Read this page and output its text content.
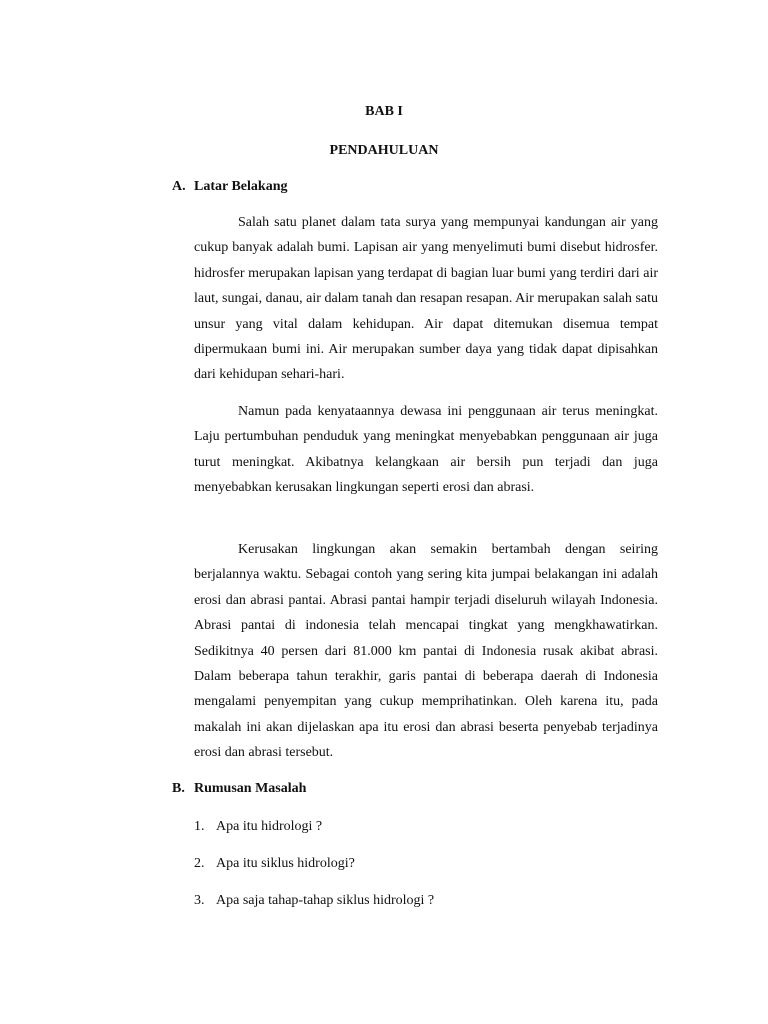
BAB I

PENDAHULUAN

A. Latar Belakang

Salah satu planet dalam tata surya yang mempunyai kandungan air yang cukup banyak adalah bumi. Lapisan air yang menyelimuti bumi disebut hidrosfer. hidrosfer merupakan lapisan yang terdapat di bagian luar bumi yang terdiri dari air laut, sungai, danau, air dalam tanah dan resapan resapan. Air merupakan salah satu unsur yang vital dalam kehidupan. Air dapat ditemukan disemua tempat dipermukaan bumi ini. Air merupakan sumber daya yang tidak dapat dipisahkan dari kehidupan sehari-hari.

Namun pada kenyataannya dewasa ini penggunaan air terus meningkat. Laju pertumbuhan penduduk yang meningkat menyebabkan penggunaan air juga turut meningkat. Akibatnya kelangkaan air bersih pun terjadi dan juga menyebabkan kerusakan lingkungan seperti erosi dan abrasi.

Kerusakan lingkungan akan semakin bertambah dengan seiring berjalannya waktu. Sebagai contoh yang sering kita jumpai belakangan ini adalah erosi dan abrasi pantai. Abrasi pantai hampir terjadi diseluruh wilayah Indonesia. Abrasi pantai di indonesia telah mencapai tingkat yang mengkhawatirkan. Sedikitnya 40 persen dari 81.000 km pantai di Indonesia rusak akibat abrasi. Dalam beberapa tahun terakhir, garis pantai di beberapa daerah di Indonesia mengalami penyempitan yang cukup memprihatinkan. Oleh karena itu, pada makalah ini akan dijelaskan apa itu erosi dan abrasi beserta penyebab terjadinya erosi dan abrasi tersebut.

B. Rumusan Masalah

1. Apa itu hidrologi ?

2. Apa itu siklus hidrologi?

3. Apa saja tahap-tahap siklus hidrologi ?
